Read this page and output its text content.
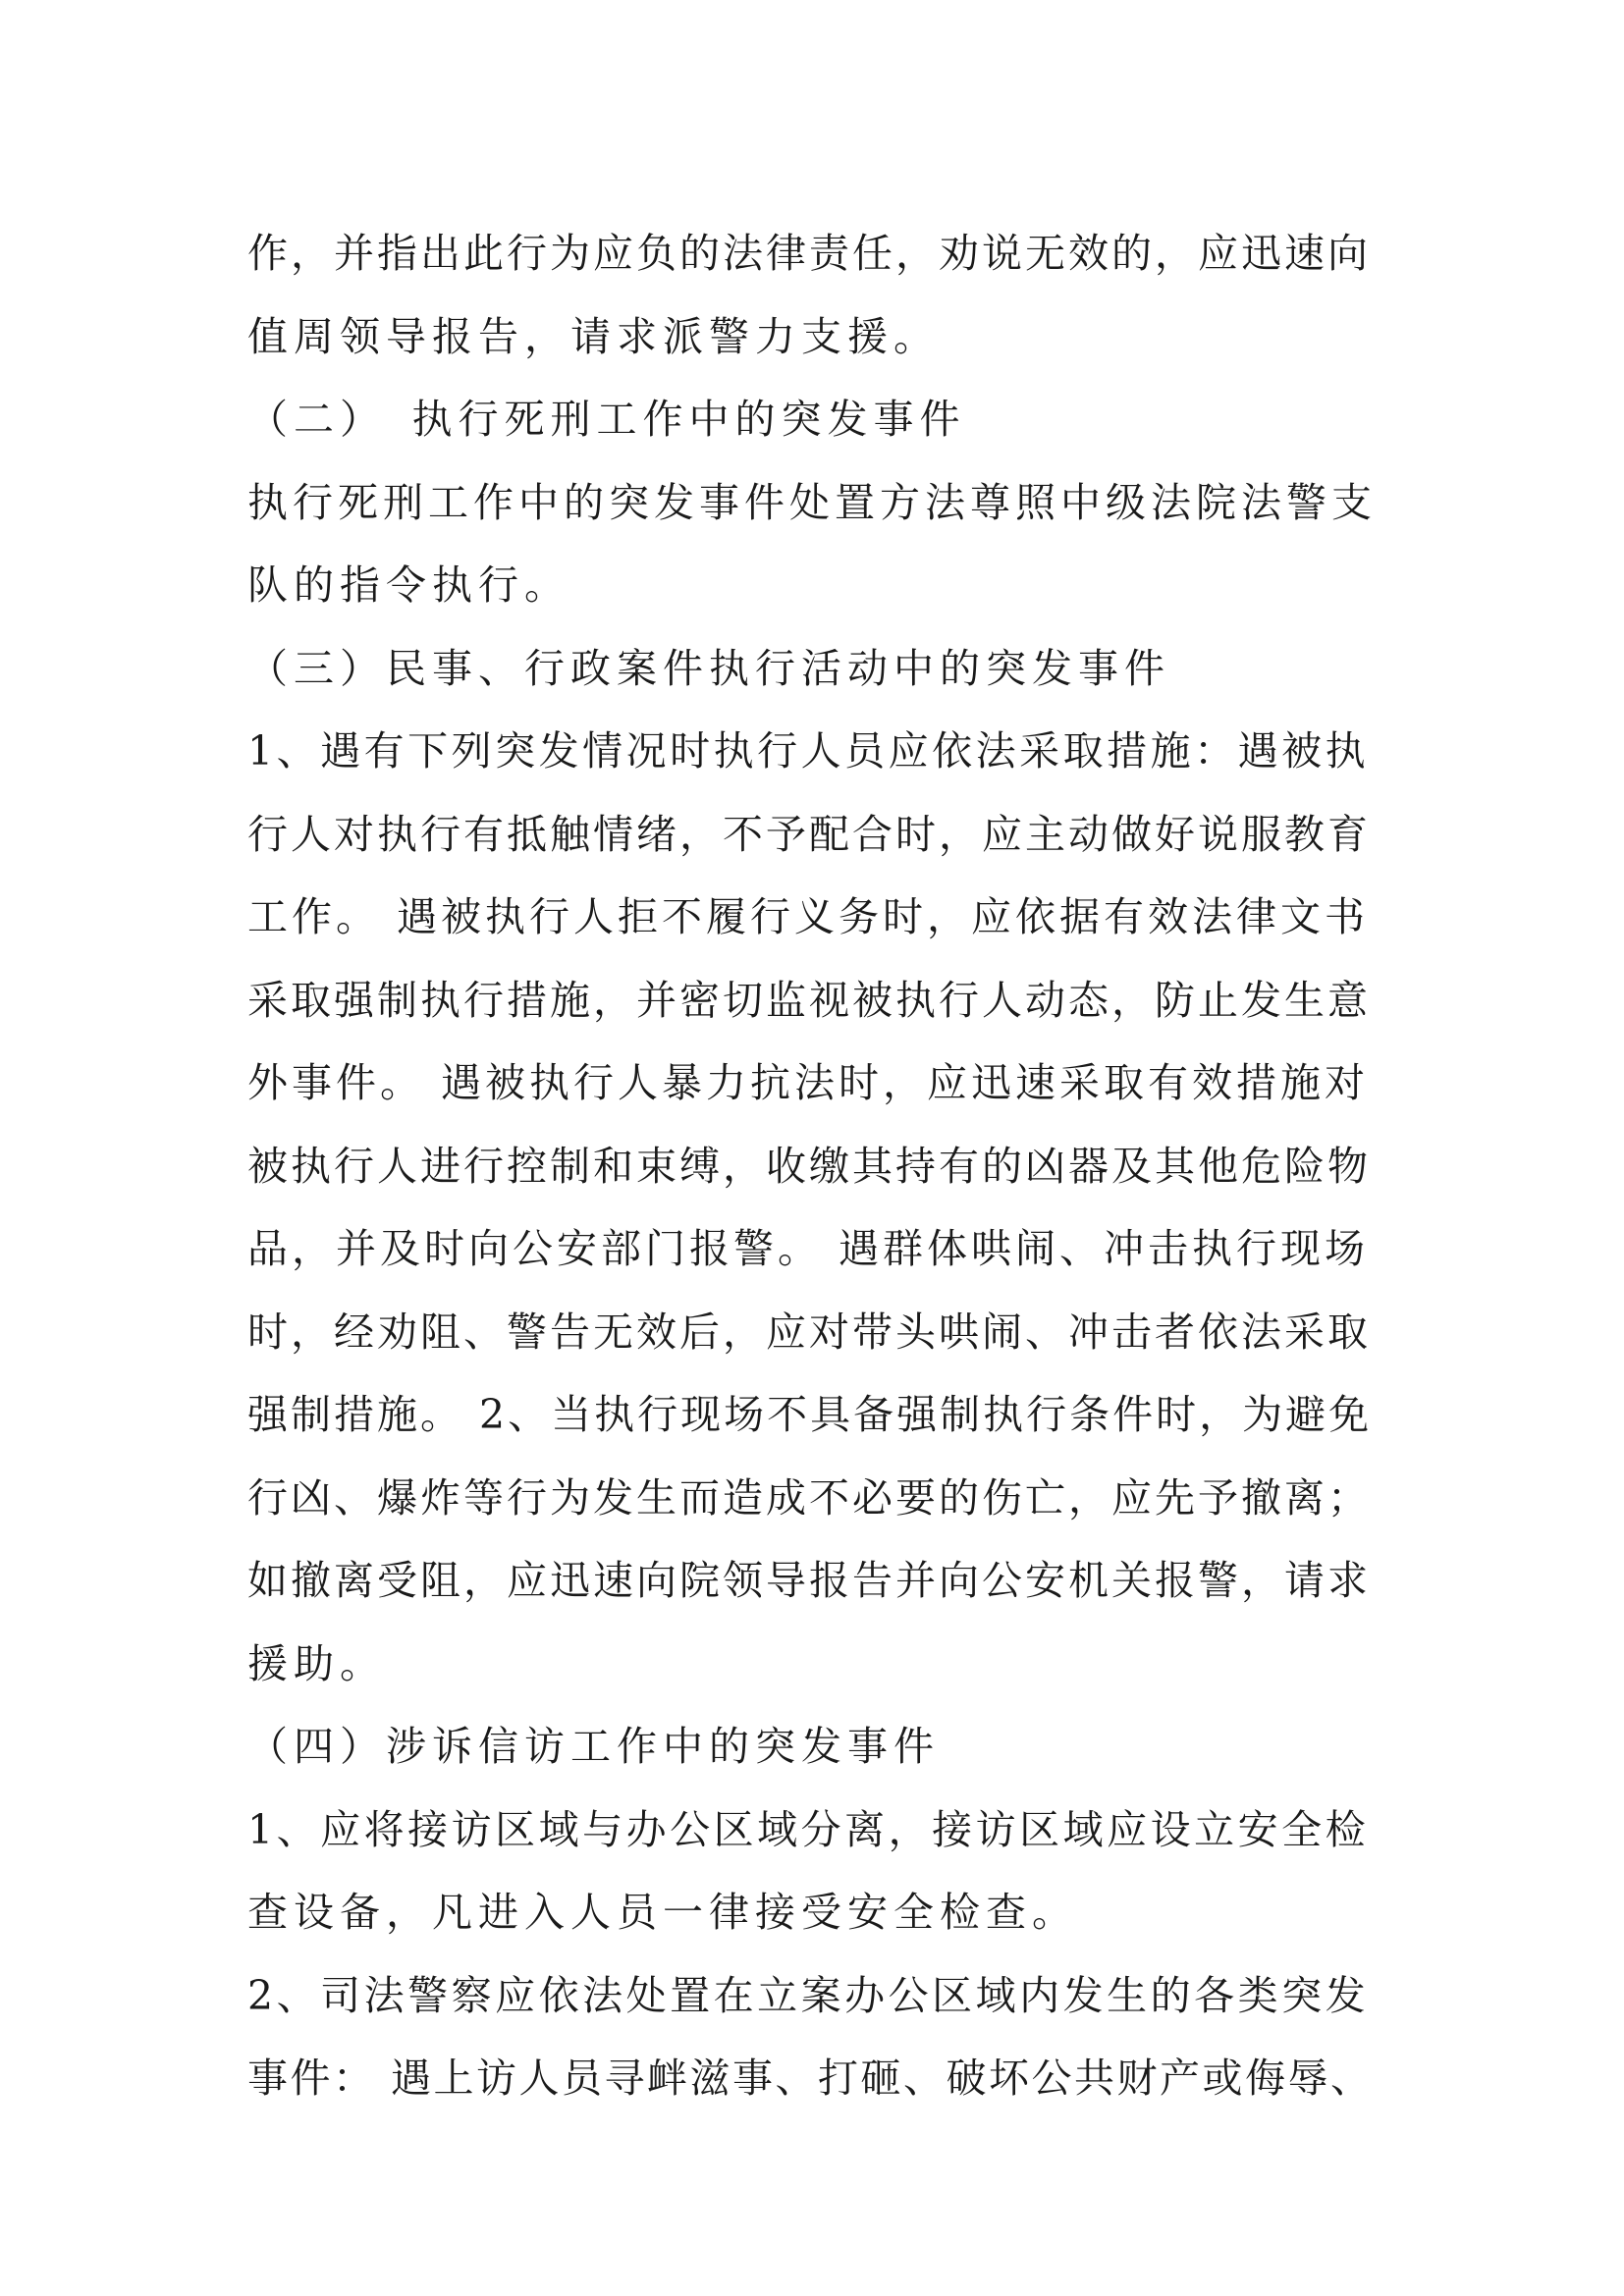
作，并指出此行为应负的法律责任，劝说无效的，应迅速向
值周领导报告，请求派警力支援。
（二）　执行死刑工作中的突发事件
执行死刑工作中的突发事件处置方法尊照中级法院法警支
队的指令执行。
（三）民事、行政案件执行活动中的突发事件
1、遇有下列突发情况时执行人员应依法采取措施：遇被执
行人对执行有抵触情绪，不予配合时，应主动做好说服教育
工作。 遇被执行人拒不履行义务时，应依据有效法律文书
采取强制执行措施，并密切监视被执行人动态，防止发生意
外事件。 遇被执行人暴力抗法时，应迅速采取有效措施对
被执行人进行控制和束缚，收缴其持有的凶器及其他危险物
品，并及时向公安部门报警。 遇群体哄闹、冲击执行现场
时，经劝阻、警告无效后，应对带头哄闹、冲击者依法采取
强制措施。 2、当执行现场不具备强制执行条件时，为避免
行凶、爆炸等行为发生而造成不必要的伤亡，应先予撤离；
如撤离受阻，应迅速向院领导报告并向公安机关报警，请求
援助。
（四）涉诉信访工作中的突发事件
1、应将接访区域与办公区域分离，接访区域应设立安全检
查设备，凡进入人员一律接受安全检查。
2、司法警察应依法处置在立案办公区域内发生的各类突发
事件： 遇上访人员寻衅滋事、打砸、破坏公共财产或侮辱、
